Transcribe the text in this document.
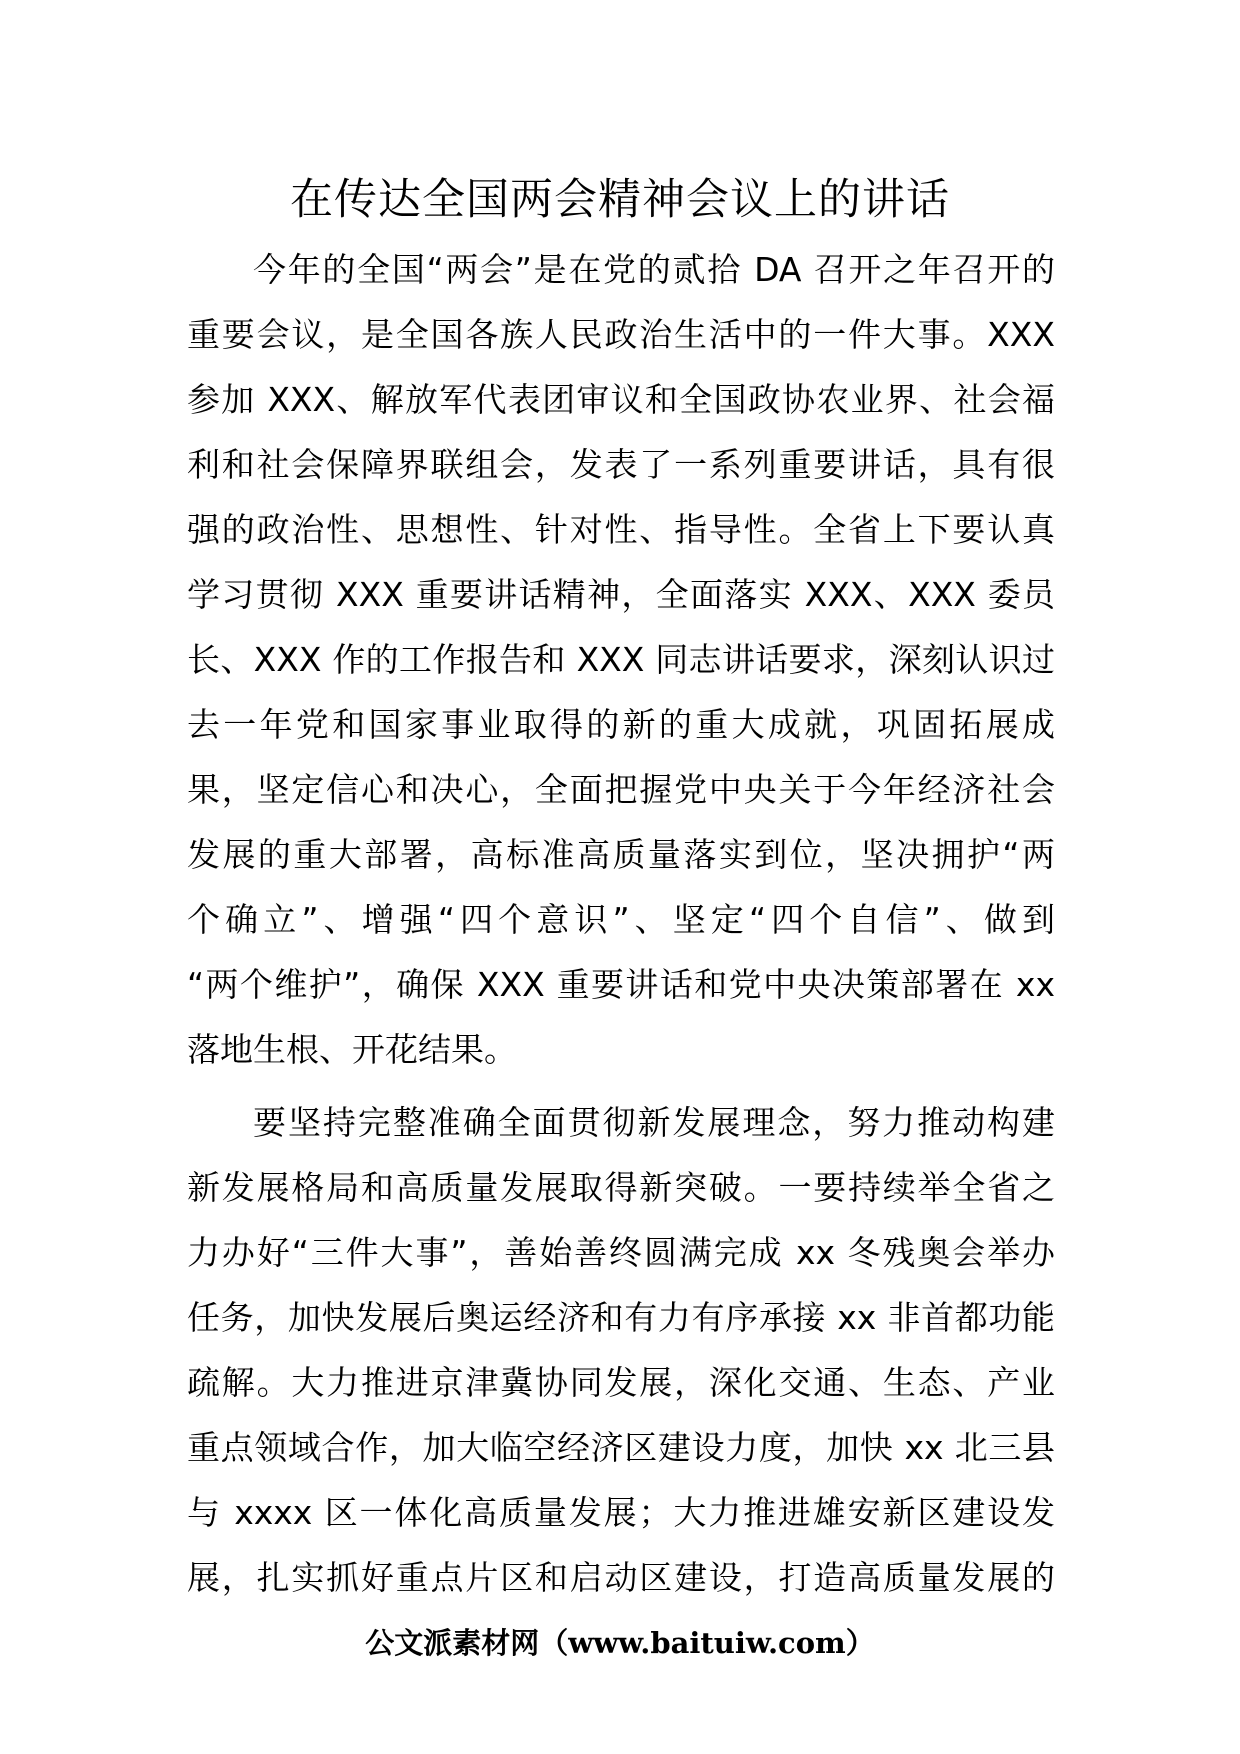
在传达全国两会精神会议上的讲话
今年的全国“两会”是在党的贰拾 DA 召开之年召开的
重要会议，是全国各族人民政治生活中的一件大事。XXX
参加 XXX、解放军代表团审议和全国政协农业界、社会福
利和社会保障界联组会，发表了一系列重要讲话，具有很
强的政治性、思想性、针对性、指导性。全省上下要认真
学习贯彻 XXX 重要讲话精神，全面落实 XXX、XXX 委员
长、XXX 作的工作报告和 XXX 同志讲话要求，深刻认识过
去一年党和国家事业取得的新的重大成就，巩固拓展成
果，坚定信心和决心，全面把握党中央关于今年经济社会
发展的重大部署，高标准高质量落实到位，坚决拥护“两
个确立”、增强“四个意识”、坚定“四个自信”、做到
“两个维护”，确保 XXX 重要讲话和党中央决策部署在 xx
落地生根、开花结果。
要坚持完整准确全面贯彻新发展理念，努力推动构建
新发展格局和高质量发展取得新突破。一要持续举全省之
力办好“三件大事”，善始善终圆满完成 xx 冬残奥会举办
任务，加快发展后奥运经济和有力有序承接 xx 非首都功能
疏解。大力推进京津冀协同发展，深化交通、生态、产业
重点领域合作，加大临空经济区建设力度，加快 xx 北三县
与 xxxx 区一体化高质量发展；大力推进雄安新区建设发
展，扎实抓好重点片区和启动区建设，打造高质量发展的
公文派素材网（www.baituiw.com）
